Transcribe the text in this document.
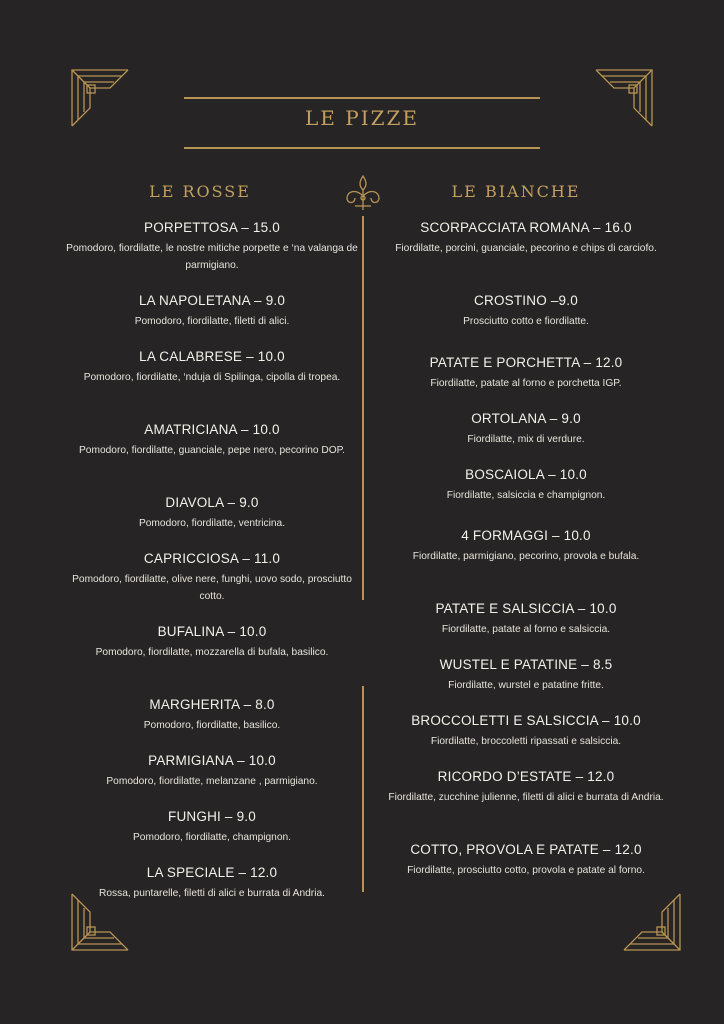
LE PIZZE
LE ROSSE
PORPETTOSA – 15.0
Pomodoro, fiordilatte, le nostre mitiche porpette e ‘na valanga de parmigiano.
LA NAPOLETANA – 9.0
Pomodoro, fiordilatte, filetti di alici.
LA CALABRESE – 10.0
Pomodoro, fiordilatte, ‘nduja di Spilinga, cipolla di tropea.
AMATRICIANA – 10.0
Pomodoro, fiordilatte, guanciale, pepe nero, pecorino DOP.
DIAVOLA – 9.0
Pomodoro, fiordilatte, ventricina.
CAPRICCIOSA – 11.0
Pomodoro, fiordilatte, olive nere, funghi, uovo sodo, prosciutto cotto.
BUFALINA – 10.0
Pomodoro, fiordilatte, mozzarella di bufala, basilico.
MARGHERITA – 8.0
Pomodoro, fiordilatte, basilico.
PARMIGIANA – 10.0
Pomodoro, fiordilatte, melanzane , parmigiano.
FUNGHI – 9.0
Pomodoro, fiordilatte, champignon.
LA SPECIALE – 12.0
Rossa, puntarelle, filetti di alici e burrata di Andria.
LE BIANCHE
SCORPACCIATA ROMANA – 16.0
Fiordilatte, porcini, guanciale, pecorino e chips di carciofo.
CROSTINO –9.0
Prosciutto cotto e fiordilatte.
PATATE E PORCHETTA – 12.0
Fiordilatte, patate al forno e porchetta IGP.
ORTOLANA – 9.0
Fiordilatte, mix di verdure.
BOSCAIOLA – 10.0
Fiordilatte, salsiccia e champignon.
4 FORMAGGI – 10.0
Fiordilatte, parmigiano, pecorino, provola e bufala.
PATATE E SALSICCIA – 10.0
Fiordilatte, patate al forno e salsiccia.
WUSTEL E PATATINE – 8.5
Fiordilatte, wurstel e patatine fritte.
BROCCOLETTI E SALSICCIA – 10.0
Fiordilatte, broccoletti ripassati e salsiccia.
RICORDO D’ESTATE – 12.0
Fiordilatte, zucchine julienne, filetti di alici e burrata di Andria.
COTTO, PROVOLA E PATATE – 12.0
Fiordilatte, prosciutto cotto, provola e patate al forno.
